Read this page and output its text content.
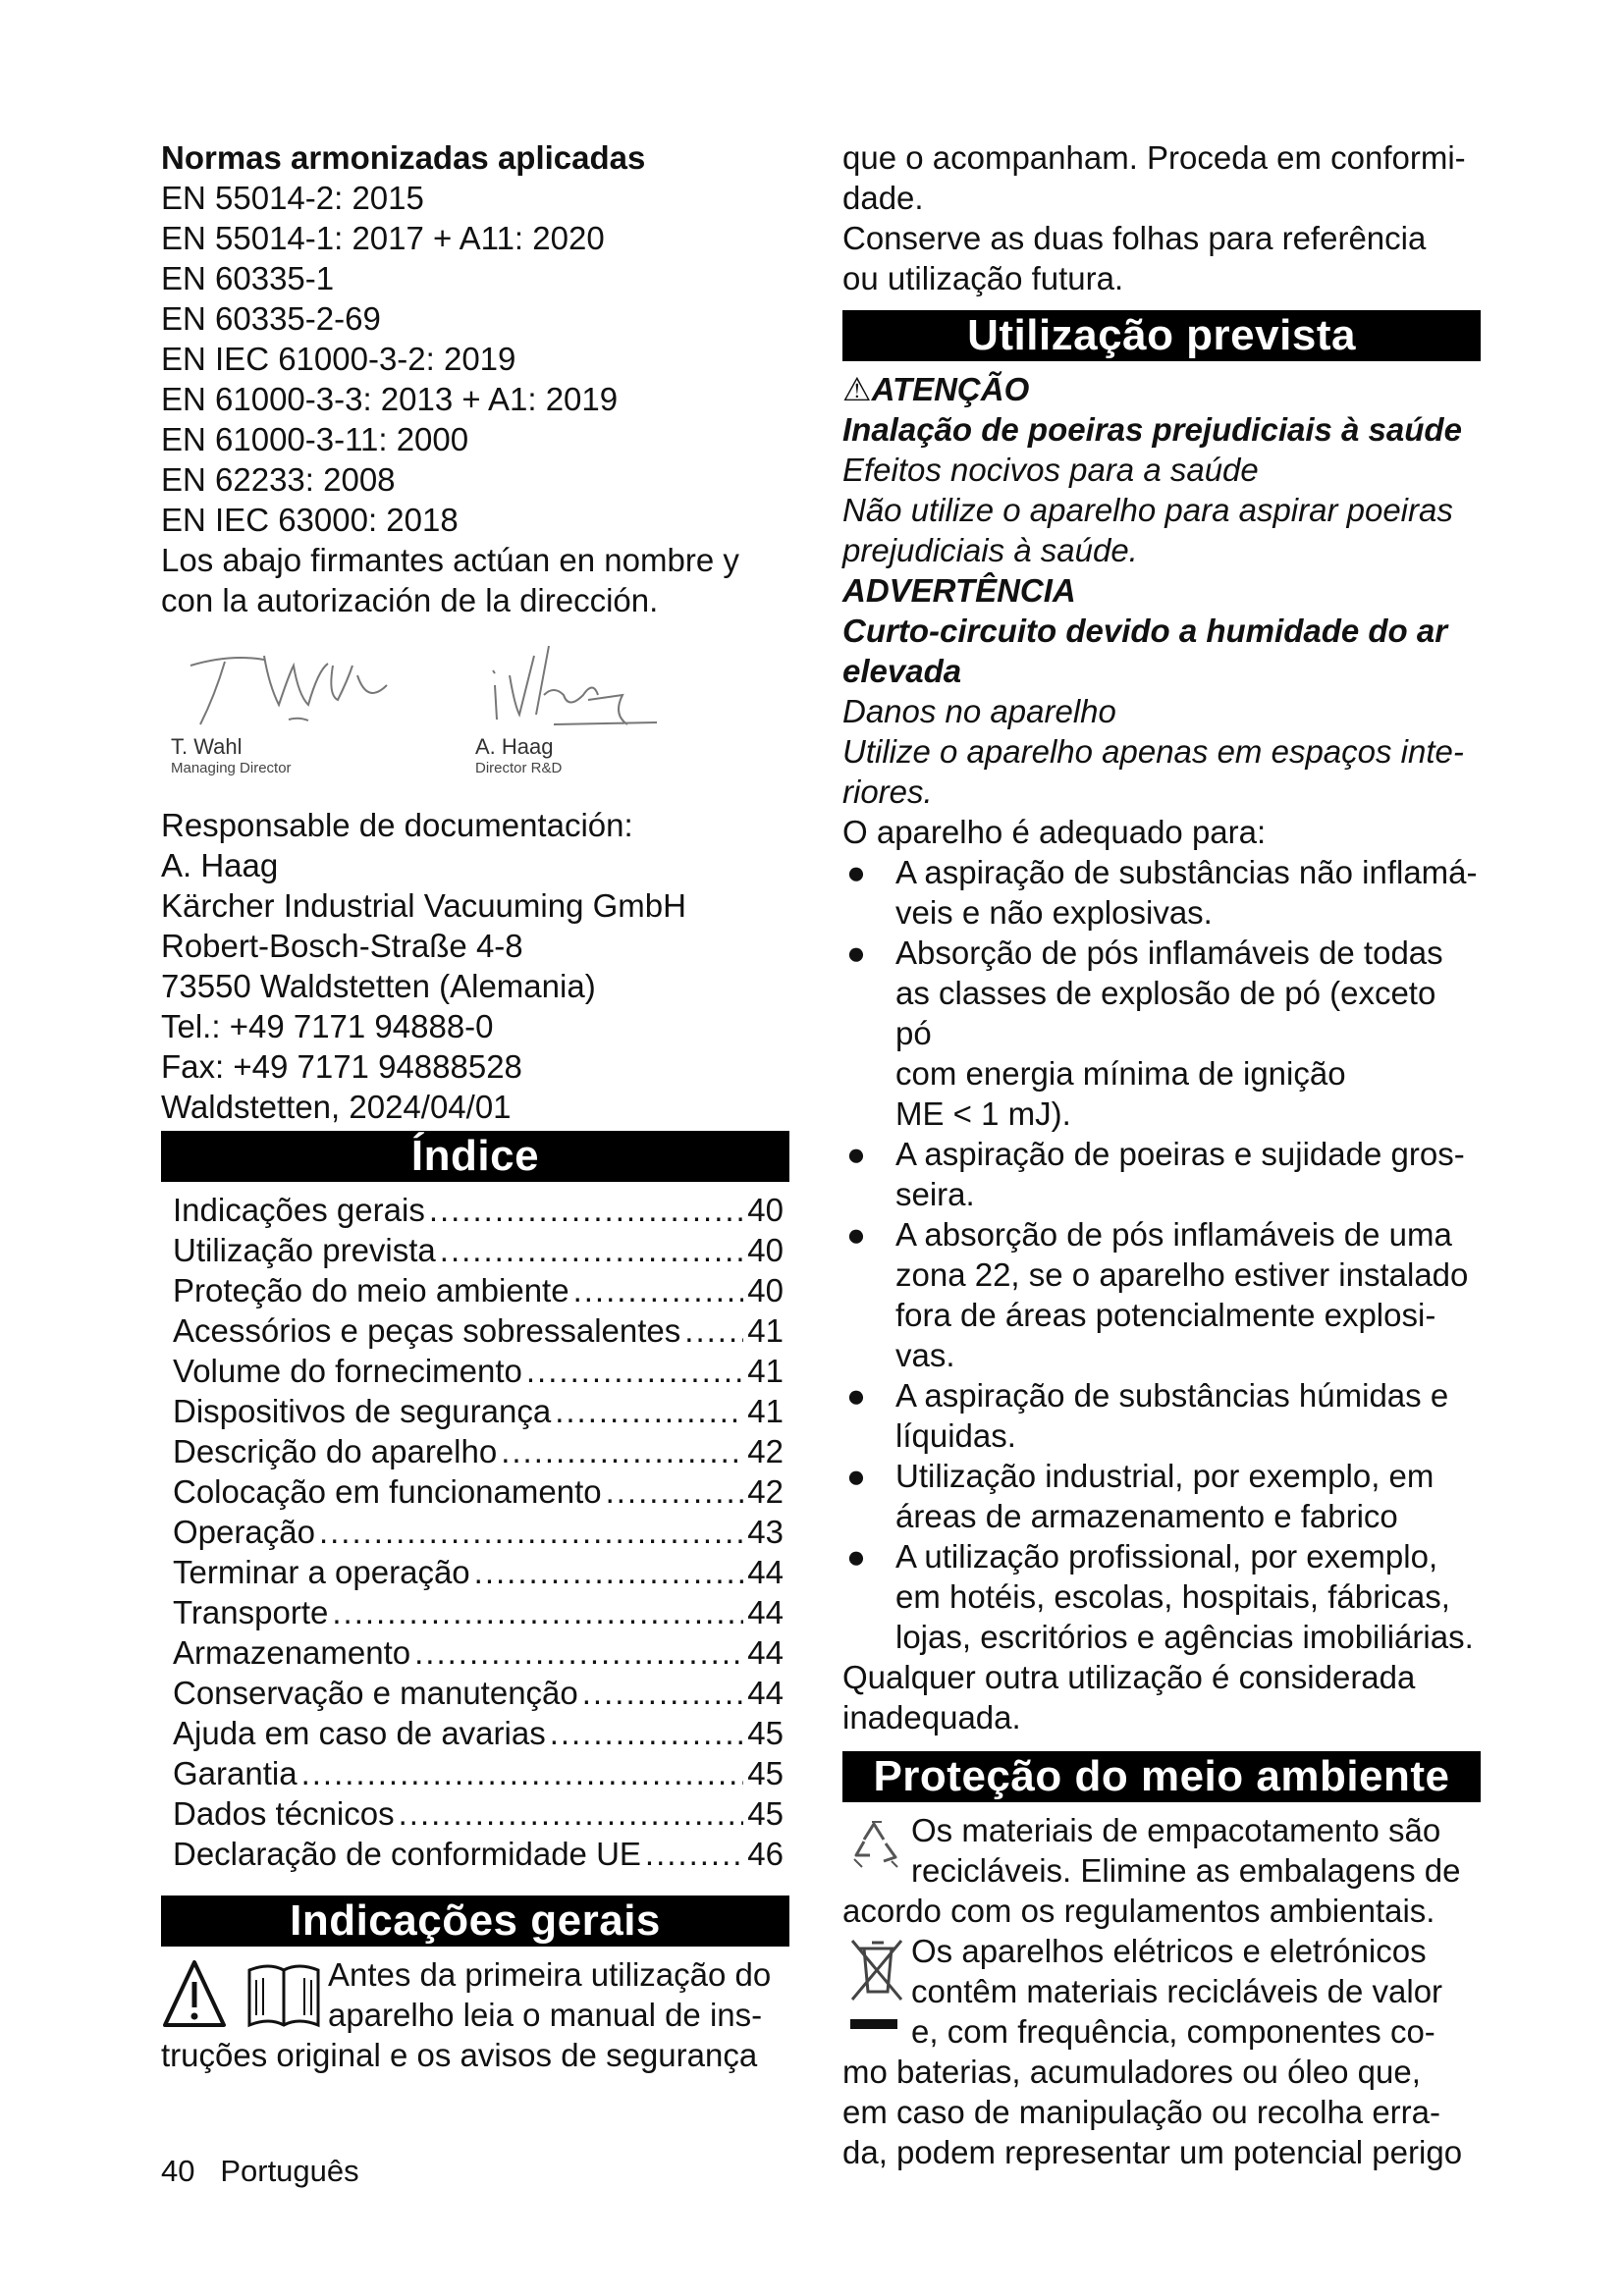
Normas armonizadas aplicadas
EN 55014-2: 2015
EN 55014-1: 2017 + A11: 2020
EN 60335-1
EN 60335-2-69
EN IEC 61000-3-2: 2019
EN 61000-3-3: 2013 + A1: 2019
EN 61000-3-11: 2000
EN 62233: 2008
EN IEC 63000: 2018
Los abajo firmantes actúan en nombre y
con la autorización de la dirección.
T. Wahl
Managing Director
A. Haag
Director R&D
Responsable de documentación:
A. Haag
Kärcher Industrial Vacuuming GmbH
Robert-Bosch-Straße 4-8
73550 Waldstetten (Alemania)
Tel.: +49 7171 94888-0
Fax: +49 7171 94888528
Waldstetten, 2024/04/01
Índice
Indicações gerais .....	40
Utilização prevista .....	40
Proteção do meio ambiente .....	40
Acessórios e peças sobressalentes ..... 41
Volume do fornecimento .....	41
Dispositivos de segurança .....	41
Descrição do aparelho .....	42
Colocação em funcionamento .....	42
Operação .....	43
Terminar a operação .....	44
Transporte .....	44
Armazenamento .....	44
Conservação e manutenção .....	44
Ajuda em caso de avarias .....	45
Garantia .....	45
Dados técnicos .....	45
Declaração de conformidade UE .....	46
Indicações gerais
Antes da primeira utilização do
aparelho leia o manual de ins-
truções original e os avisos de segurança
que o acompanham. Proceda em conformi-
dade.
Conserve as duas folhas para referência
ou utilização futura.
Utilização prevista
⚠ATENÇÃO
Inalação de poeiras prejudiciais à saúde
Efeitos nocivos para a saúde
Não utilize o aparelho para aspirar poeiras
prejudiciais à saúde.
ADVERTÊNCIA
Curto-circuito devido a humidade do ar
elevada
Danos no aparelho
Utilize o aparelho apenas em espaços inte-
riores.
O aparelho é adequado para:
● A aspiração de substâncias não inflamá-
veis e não explosivas.
● Absorção de pós inflamáveis de todas
as classes de explosão de pó (exceto pó
com energia mínima de ignição
ME < 1 mJ).
● A aspiração de poeiras e sujidade gros-
seira.
● A absorção de pós inflamáveis de uma
zona 22, se o aparelho estiver instalado
fora de áreas potencialmente explosi-
vas.
● A aspiração de substâncias húmidas e
líquidas.
● Utilização industrial, por exemplo, em
áreas de armazenamento e fabrico
● A utilização profissional, por exemplo,
em hotéis, escolas, hospitais, fábricas,
lojas, escritórios e agências imobiliárias.
Qualquer outra utilização é considerada
inadequada.
Proteção do meio ambiente
Os materiais de empacotamento são
recicláveis. Elimine as embalagens de
acordo com os regulamentos ambientais.
Os aparelhos elétricos e eletrónicos
contêm materiais recicláveis de valor
e, com frequência, componentes co-
mo baterias, acumuladores ou óleo que,
em caso de manipulação ou recolha erra-
da, podem representar um potencial perigo
40 Português
